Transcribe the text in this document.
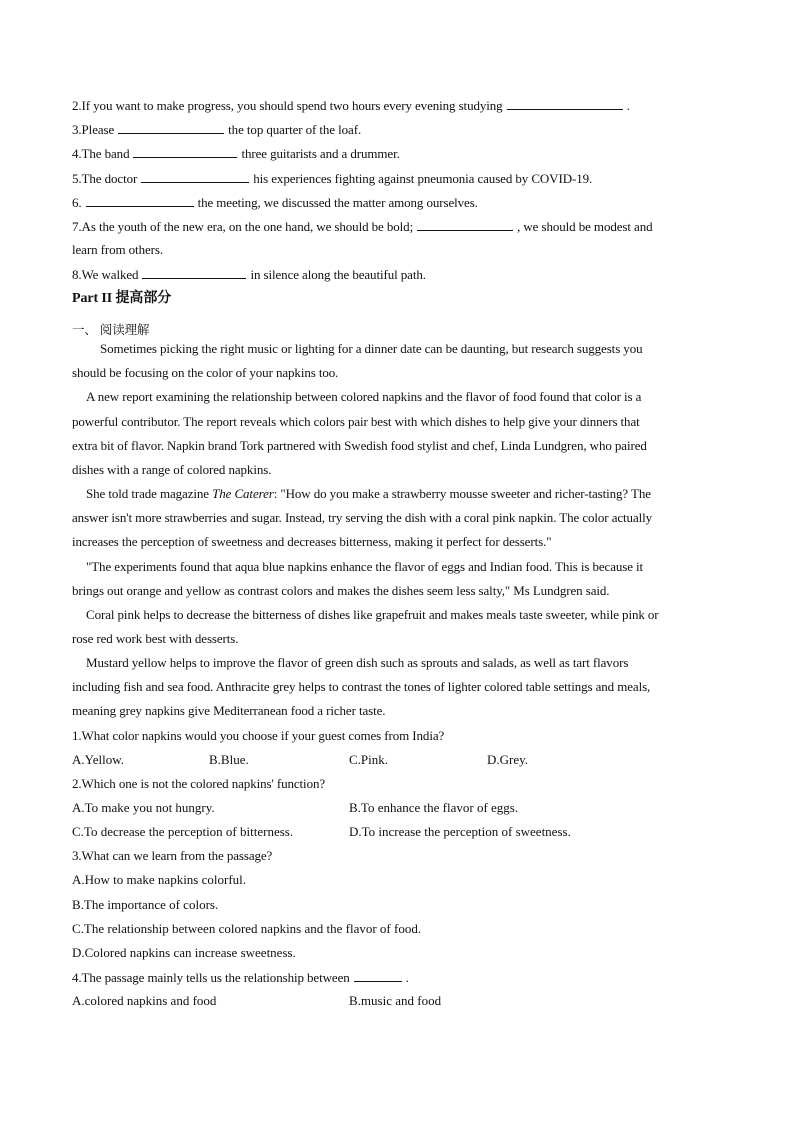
2.If you want to make progress, you should spend two hours every evening studying	.
3.Please	the top quarter of the loaf.
4.The band	three guitarists and a drummer.
5.The doctor	his experiences fighting against pneumonia caused by COVID-19.
6.	the meeting, we discussed the matter among ourselves.
7.As the youth of the new era, on the one hand, we should be bold;	, we should be modest and
learn from others.
8.We walked	in silence along the beautiful path.
Part II 提高部分
一、 阅读理解
Sometimes picking the right music or lighting for a dinner date can be daunting, but research suggests you
should be focusing on the color of your napkins too.
A new report examining the relationship between colored napkins and the flavor of food found that color is a
powerful contributor. The report reveals which colors pair best with which dishes to help give your dinners that
extra bit of flavor. Napkin brand Tork partnered with Swedish food stylist and chef, Linda Lundgren, who paired
dishes with a range of colored napkins.
She told trade magazine The Caterer: "How do you make a strawberry mousse sweeter and richer-tasting? The
answer isn't more strawberries and sugar. Instead, try serving the dish with a coral pink napkin. The color actually
increases the perception of sweetness and decreases bitterness, making it perfect for desserts."
"The experiments found that aqua blue napkins enhance the flavor of eggs and Indian food. This is because it
brings out orange and yellow as contrast colors and makes the dishes seem less salty," Ms Lundgren said.
Coral pink helps to decrease the bitterness of dishes like grapefruit and makes meals taste sweeter, while pink or
rose red work best with desserts.
Mustard yellow helps to improve the flavor of green dish such as sprouts and salads, as well as tart flavors
including fish and sea food. Anthracite grey helps to contrast the tones of lighter colored table settings and meals,
meaning grey napkins give Mediterranean food a richer taste.
1.What color napkins would you choose if your guest comes from India?
A.Yellow.	B.Blue.	C.Pink.	D.Grey.
2.Which one is not the colored napkins' function?
A.To make you not hungry.	B.To enhance the flavor of eggs.
C.To decrease the perception of bitterness.	D.To increase the perception of sweetness.
3.What can we learn from the passage?
A.How to make napkins colorful.
B.The importance of colors.
C.The relationship between colored napkins and the flavor of food.
D.Colored napkins can increase sweetness.
4.The passage mainly tells us the relationship between	.
A.colored napkins and food	B.music and food
